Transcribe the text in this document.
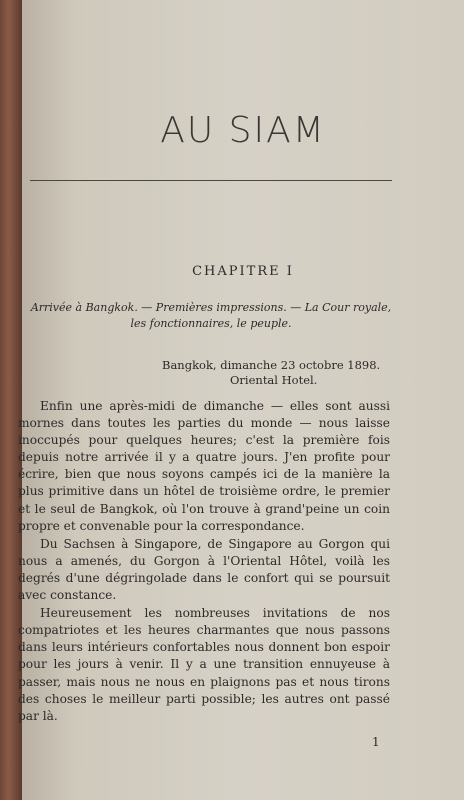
AU SIAM
CHAPITRE I
Arrivée à Bangkok. — Premières impressions. — La Cour royale,
les fonctionnaires, le peuple.
Bangkok, dimanche 23 octobre 1898.
Oriental Hotel.

Enfin une après-midi de dimanche — elles sont aussi mornes dans toutes les parties du monde — nous laisse inoccupés pour quelques heures; c'est la première fois depuis notre arrivée il y a quatre jours. J'en profite pour écrire, bien que nous soyons campés ici de la manière la plus primitive dans un hôtel de troisième ordre, le premier et le seul de Bangkok, où l'on trouve à grand'peine un coin propre et convenable pour la correspondance.

Du Sachsen à Singapore, de Singapore au Gorgon qui nous a amenés, du Gorgon à l'Oriental Hôtel, voilà les degrés d'une dégringolade dans le confort qui se poursuit avec constance.

Heureusement les nombreuses invitations de nos compatriotes et les heures charmantes que nous passons dans leurs intérieurs confortables nous donnent bon espoir pour les jours à venir. Il y a une transition ennuyeuse à passer, mais nous ne nous en plaignons pas et nous tirons des choses le meilleur parti possible; les autres ont passé par là.

1
